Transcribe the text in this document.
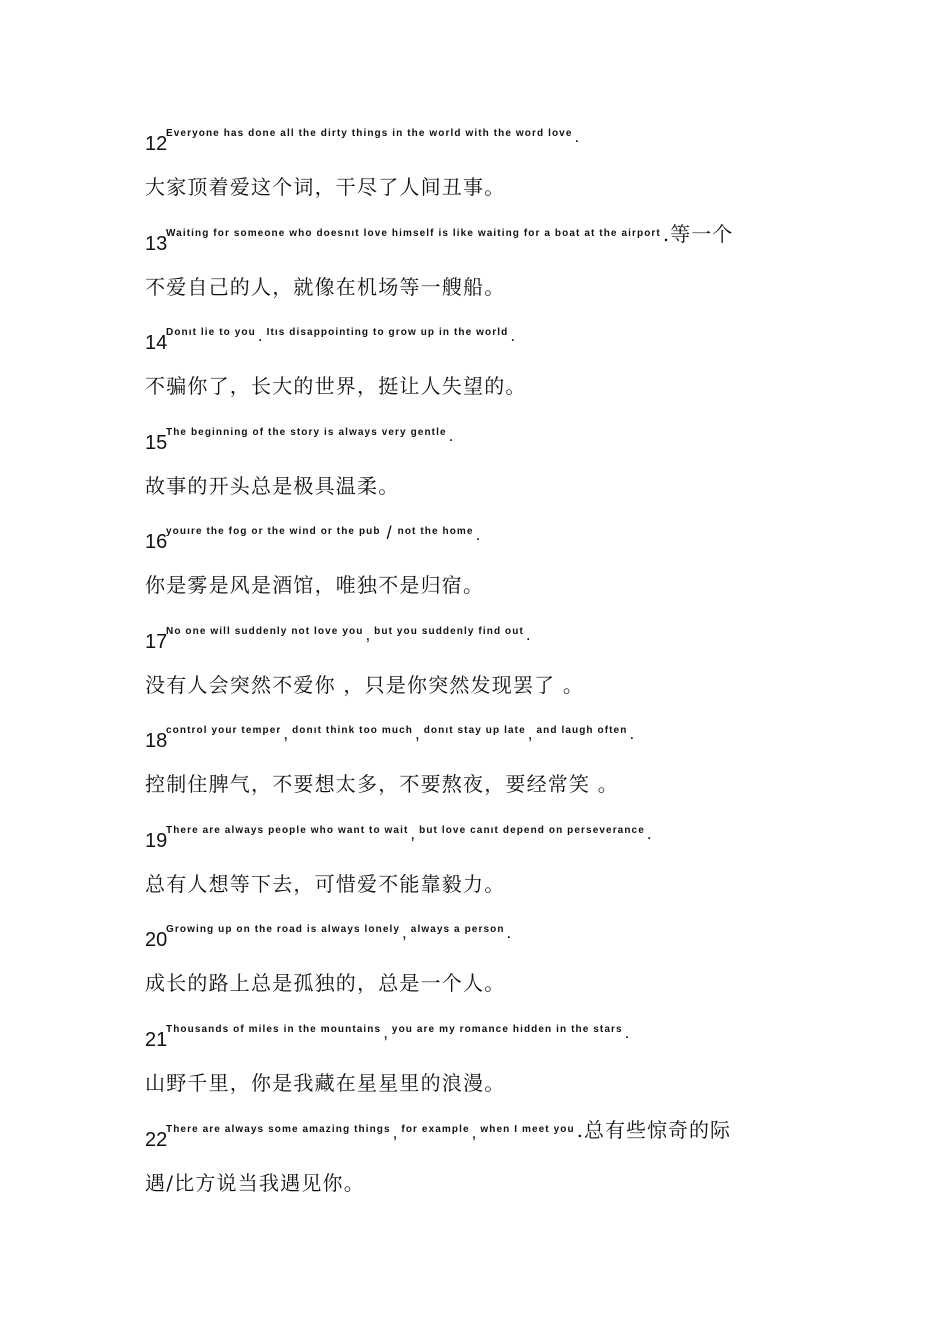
12
$^{Everyone has done all the dirty things in the world with the word love}$ .
大家顶着爱这个词，干尽了人间丑事。
13
$^{Waiting for someone who doesnıt love himself is like waiting for a boat at the airport}$ .等一个
不爱自己的人，就像在机场等一艘船。
14
$^{Donıt lie to you}$ . $^{Itıs disappointing to grow up in the world}$ .
不骗你了，长大的世界，挺让人失望的。
15
$^{The beginning of the story is always very gentle}$ .
故事的开头总是极具温柔。
16
$^{youıre the fog or the wind or the pub}$ / $^{not the home}$ .
你是雾是风是酒馆，唯独不是归宿。
17
$^{No one will suddenly not love you}$ , $^{but you suddenly find out}$ .
没有人会突然不爱你 ，只是你突然发现罢了 。
18
$^{control your temper}$ , $^{donıt think too much}$ , $^{donıt stay up late}$ , $^{and laugh often}$ .
控制住脾气，不要想太多，不要熬夜，要经常笑 。
19
$^{There are always people who want to wait}$ , $^{but love canıt depend on perseverance}$ .
总有人想等下去，可惜爱不能靠毅力。
20
$^{Growing up on the road is always lonely}$ , $^{always a person}$ .
成长的路上总是孤独的，总是一个人。
21
$^{Thousands of miles in the mountains}$ , $^{you are my romance hidden in the stars}$ .
山野千里，你是我藏在星星里的浪漫。
22
$^{There are always some amazing things}$ , $^{for example}$ , $^{when I meet you}$ .总有些惊奇的际
遇/比方说当我遇见你。
